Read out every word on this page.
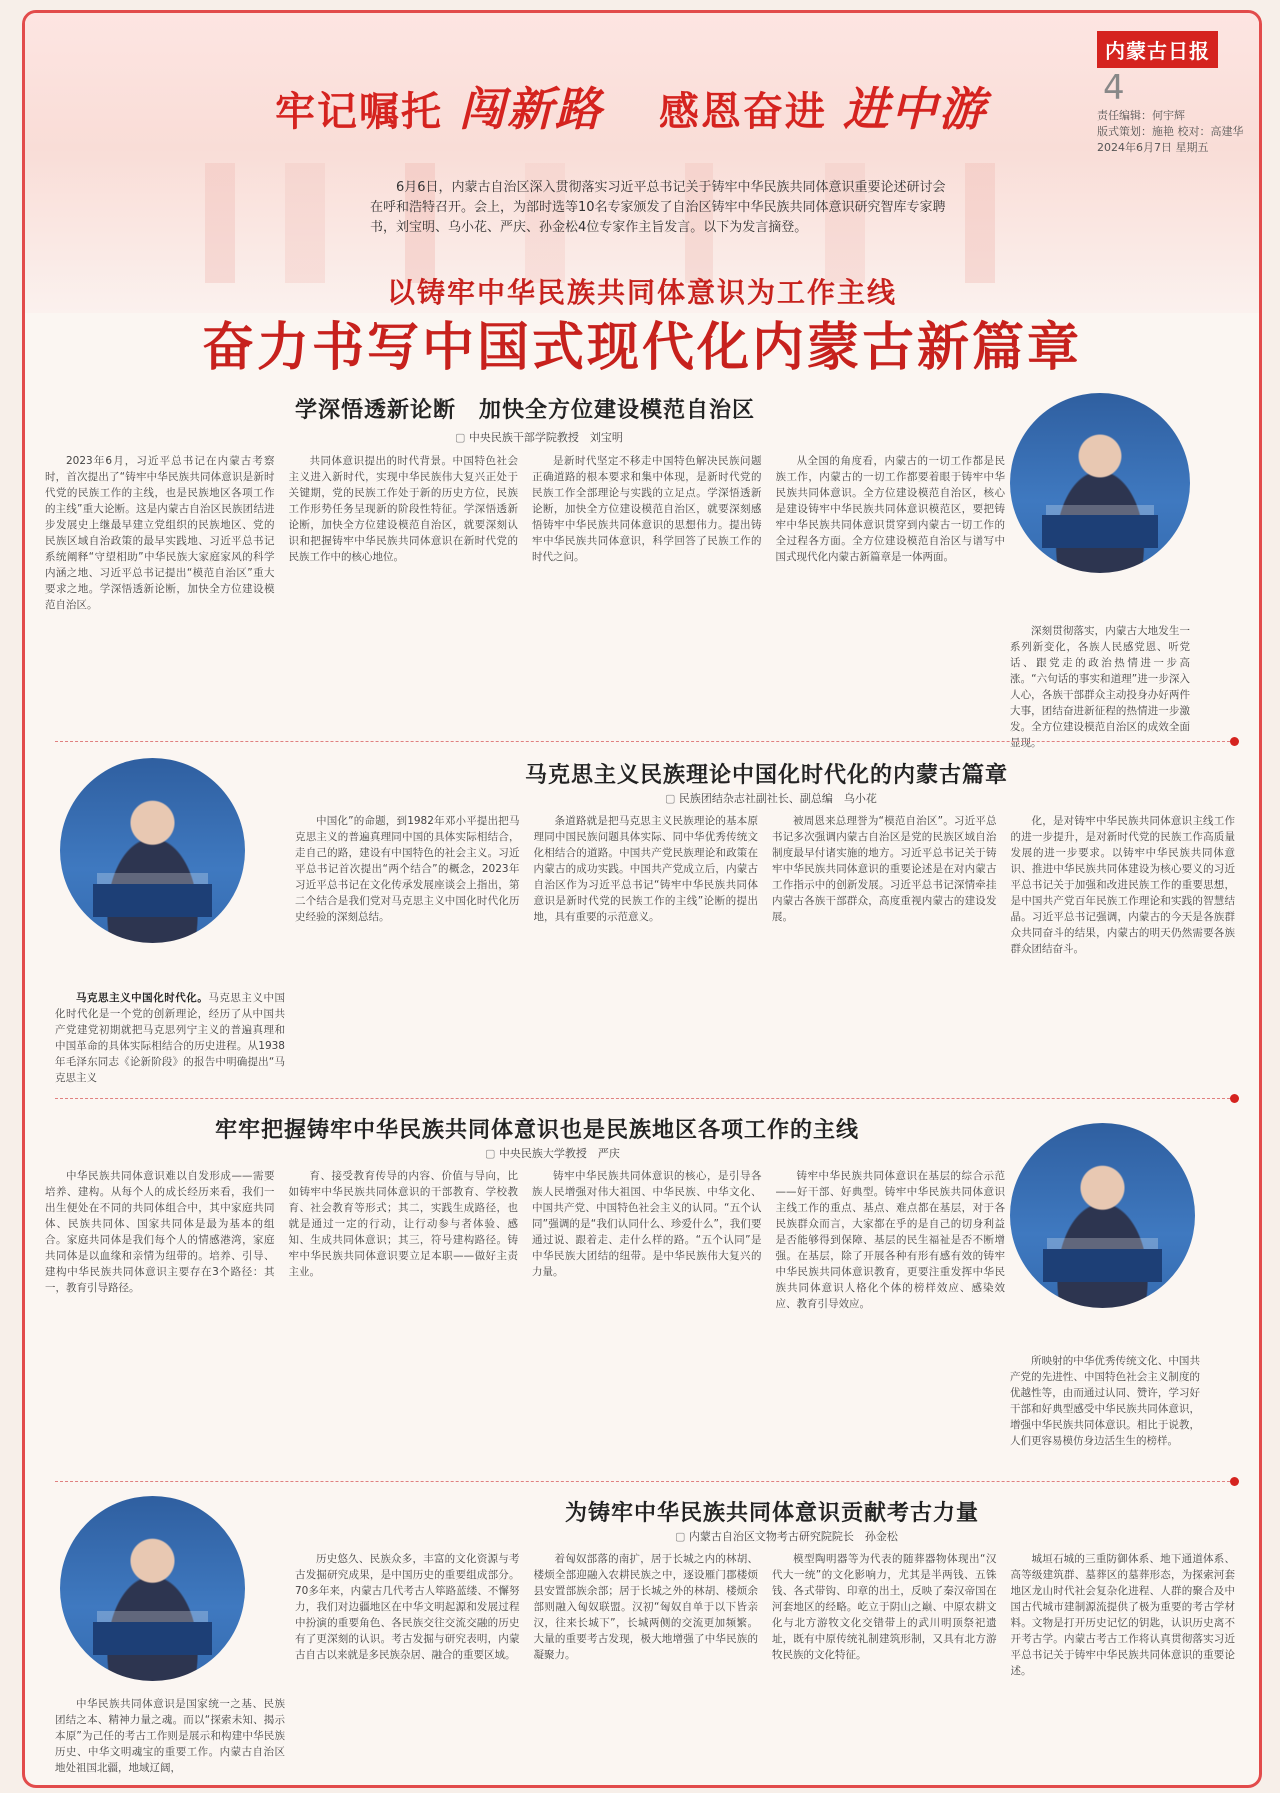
牢记嘱托 闯新路 感恩奋进 进中游
内蒙古日报 4
责任编辑：何宇辉
版式策划：施艳 校对：高建华
2024年6月7日 星期五
6月6日，内蒙古自治区深入贯彻落实习近平总书记关于铸牢中华民族共同体意识重要论述研讨会在呼和浩特召开。会上，为部时选等10名专家颁发了自治区铸牢中华民族共同体意识研究智库专家聘书，刘宝明、乌小花、严庆、孙金松4位专家作主旨发言。以下为发言摘登。
以铸牢中华民族共同体意识为工作主线
奋力书写中国式现代化内蒙古新篇章
学深悟透新论断　加快全方位建设模范自治区
▢ 中央民族干部学院教授　刘宝明
2023年6月，习近平总书记在内蒙古考察时，首次提出了“铸牢中华民族共同体意识是新时代党的民族工作的主线，也是民族地区各项工作的主线”重大论断。这是内蒙古自治区民族团结进步发展史上继最早建立党组织的民族地区、党的民族区域自治政策的最早实践地、习近平总书记系统阐释“守望相助”中华民族大家庭家风的科学内涵之地、习近平总书记提出“模范自治区”重大要求之地。学深悟透新论断，加快全方位建设模范自治区。
共同体意识提出的时代背景。中国特色社会主义进入新时代，实现中华民族伟大复兴正处于关键期，党的民族工作处于新的历史方位，民族工作形势任务呈现新的阶段性特征。学深悟透新论断，加快全方位建设模范自治区，就要深刻认识和把握铸牢中华民族共同体意识在新时代党的民族工作中的核心地位。
是新时代坚定不移走中国特色解决民族问题正确道路的根本要求和集中体现，是新时代党的民族工作全部理论与实践的立足点。学深悟透新论断，加快全方位建设模范自治区，就要深刻感悟铸牢中华民族共同体意识的思想伟力。提出铸牢中华民族共同体意识，科学回答了民族工作的时代之问。
从全国的角度看，内蒙古的一切工作都是民族工作，内蒙古的一切工作都要着眼于铸牢中华民族共同体意识。全方位建设模范自治区，核心是建设铸牢中华民族共同体意识模范区，要把铸牢中华民族共同体意识贯穿到内蒙古一切工作的全过程各方面。全方位建设模范自治区与谱写中国式现代化内蒙古新篇章是一体两面。
深刻贯彻落实，内蒙古大地发生一系列新变化，各族人民感党恩、听党话、跟党走的政治热情进一步高涨。“六句话的事实和道理”进一步深入人心，各族干部群众主动投身办好两件大事，团结奋进新征程的热情进一步激发。全方位建设模范自治区的成效全面显现。
马克思主义民族理论中国化时代化的内蒙古篇章
▢ 民族团结杂志社副社长、副总编　乌小花
马克思主义中国化时代化。马克思主义中国化时代化是一个党的创新理论，经历了从中国共产党建党初期就把马克思列宁主义的普遍真理和中国革命的具体实际相结合的历史进程。从1938年毛泽东同志《论新阶段》的报告中明确提出“马克思主义
中国化”的命题，到1982年邓小平提出把马克思主义的普遍真理同中国的具体实际相结合，走自己的路，建设有中国特色的社会主义。习近平总书记首次提出“两个结合”的概念，2023年习近平总书记在文化传承发展座谈会上指出，第二个结合是我们党对马克思主义中国化时代化历史经验的深刻总结。
条道路就是把马克思主义民族理论的基本原理同中国民族问题具体实际、同中华优秀传统文化相结合的道路。中国共产党民族理论和政策在内蒙古的成功实践。中国共产党成立后，内蒙古自治区作为习近平总书记“铸牢中华民族共同体意识是新时代党的民族工作的主线”论断的提出地，具有重要的示范意义。
被周恩来总理誉为“模范自治区”。习近平总书记多次强调内蒙古自治区是党的民族区域自治制度最早付诸实施的地方。习近平总书记关于铸牢中华民族共同体意识的重要论述是在对内蒙古工作指示中的创新发展。习近平总书记深情牵挂内蒙古各族干部群众，高度重视内蒙古的建设发展。
化，是对铸牢中华民族共同体意识主线工作的进一步提升，是对新时代党的民族工作高质量发展的进一步要求。以铸牢中华民族共同体意识、推进中华民族共同体建设为核心要义的习近平总书记关于加强和改进民族工作的重要思想，是中国共产党百年民族工作理论和实践的智慧结晶。习近平总书记强调，内蒙古的今天是各族群众共同奋斗的结果，内蒙古的明天仍然需要各族群众团结奋斗。
牢牢把握铸牢中华民族共同体意识也是民族地区各项工作的主线
▢ 中央民族大学教授　严庆
中华民族共同体意识难以自发形成——需要培养、建构。从每个人的成长经历来看，我们一出生便处在不同的共同体组合中，其中家庭共同体、民族共同体、国家共同体是最为基本的组合。家庭共同体是我们每个人的情感港湾，家庭共同体是以血缘和亲情为纽带的。培养、引导、建构中华民族共同体意识主要存在3个路径：其一，教育引导路径。
育、接受教育传导的内容、价值与导向，比如铸牢中华民族共同体意识的干部教育、学校教育、社会教育等形式；其二，实践生成路径，也就是通过一定的行动，让行动参与者体验、感知、生成共同体意识；其三，符号建构路径。铸牢中华民族共同体意识要立足本职——做好主责主业。
铸牢中华民族共同体意识的核心，是引导各族人民增强对伟大祖国、中华民族、中华文化、中国共产党、中国特色社会主义的认同。“五个认同”强调的是“我们认同什么、珍爱什么”，我们要通过说、跟着走、走什么样的路。“五个认同”是中华民族大团结的纽带。是中华民族伟大复兴的力量。
铸牢中华民族共同体意识在基层的综合示范——好干部、好典型。铸牢中华民族共同体意识主线工作的重点、基点、难点都在基层，对于各民族群众而言，大家都在乎的是自己的切身利益是否能够得到保障、基层的民生福祉是否不断增强。在基层，除了开展各种有形有感有效的铸牢中华民族共同体意识教育，更要注重发挥中华民族共同体意识人格化个体的榜样效应、感染效应、教育引导效应。
所映射的中华优秀传统文化、中国共产党的先进性、中国特色社会主义制度的优越性等，由而通过认同、赞许，学习好干部和好典型感受中华民族共同体意识，增强中华民族共同体意识。相比于说教，人们更容易模仿身边活生生的榜样。
为铸牢中华民族共同体意识贡献考古力量
▢ 内蒙古自治区文物考古研究院院长　孙金松
中华民族共同体意识是国家统一之基、民族团结之本、精神力量之魂。而以“探索未知、揭示本原”为己任的考古工作则是展示和构建中华民族历史、中华文明魂宝的重要工作。内蒙古自治区地处祖国北疆，地域辽阔，
历史悠久、民族众多，丰富的文化资源与考古发掘研究成果，是中国历史的重要组成部分。70多年来，内蒙古几代考古人筚路蓝缕、不懈努力，我们对边疆地区在中华文明起源和发展过程中扮演的重要角色、各民族交往交流交融的历史有了更深刻的认识。考古发掘与研究表明，内蒙古自古以来就是多民族杂居、融合的重要区域。
着匈奴部落的南扩，居于长城之内的林胡、楼烦全部迎融入农耕民族之中，逐设雁门郡楼烦县安置部族余部；居于长城之外的林胡、楼烦余部则融入匈奴联盟。汉初“匈奴自单于以下皆亲汉，往来长城下”，长城两侧的交流更加频繁。大量的重要考古发现，极大地增强了中华民族的凝聚力。
模型陶明器等为代表的随葬器物体现出“汉代大一统”的文化影响力，尤其是半两钱、五铢钱、各式带钩、印章的出土，反映了秦汉帝国在河套地区的经略。屹立于阴山之巅、中原农耕文化与北方游牧文化交错带上的武川明顶祭祀遗址，既有中原传统礼制建筑形制，又具有北方游牧民族的文化特征。
城垣石城的三重防御体系、地下通道体系、高等级建筑群、墓葬区的墓葬形态，为探索河套地区龙山时代社会复杂化进程、人群的聚合及中国古代城市建制源流提供了极为重要的考古学材料。文物是打开历史记忆的钥匙，认识历史离不开考古学。内蒙古考古工作将认真贯彻落实习近平总书记关于铸牢中华民族共同体意识的重要论述。
